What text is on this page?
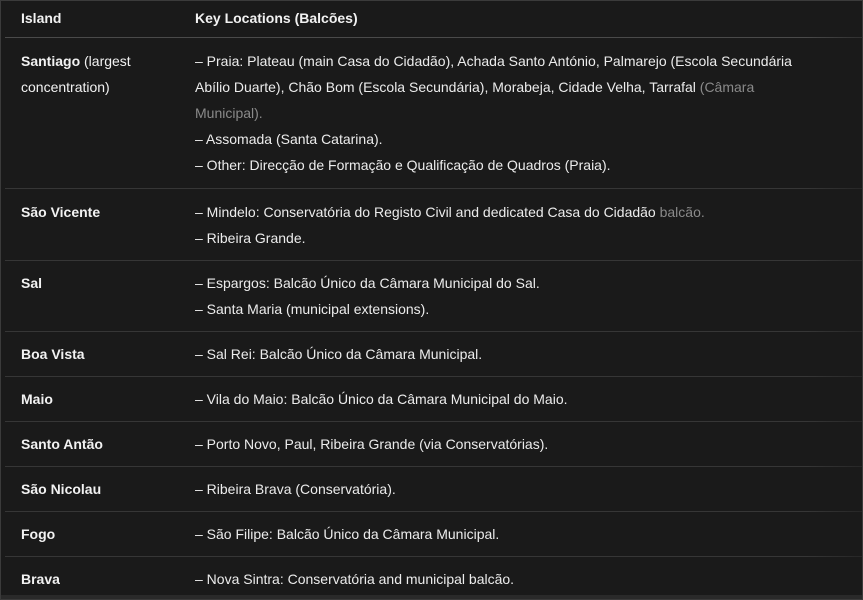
Island	Key Locations (Balcões)
Santiago (largest concentration)	– Praia: Plateau (main Casa do Cidadão), Achada Santo António, Palmarejo (Escola Secundária Abílio Duarte), Chão Bom (Escola Secundária), Morabeja, Cidade Velha, Tarrafal (Câmara Municipal).
– Assomada (Santa Catarina).
– Other: Direcção de Formação e Qualificação de Quadros (Praia).

São Vicente	– Mindelo: Conservatória do Registo Civil and dedicated Casa do Cidadão balcão.
– Ribeira Grande.

Sal	– Espargos: Balcão Único da Câmara Municipal do Sal.
– Santa Maria (municipal extensions).

Boa Vista	– Sal Rei: Balcão Único da Câmara Municipal.

Maio	– Vila do Maio: Balcão Único da Câmara Municipal do Maio.

Santo Antão	– Porto Novo, Paul, Ribeira Grande (via Conservatórias).

São Nicolau	– Ribeira Brava (Conservatória).

Fogo	– São Filipe: Balcão Único da Câmara Municipal.

Brava	– Nova Sintra: Conservatória and municipal balcão.
